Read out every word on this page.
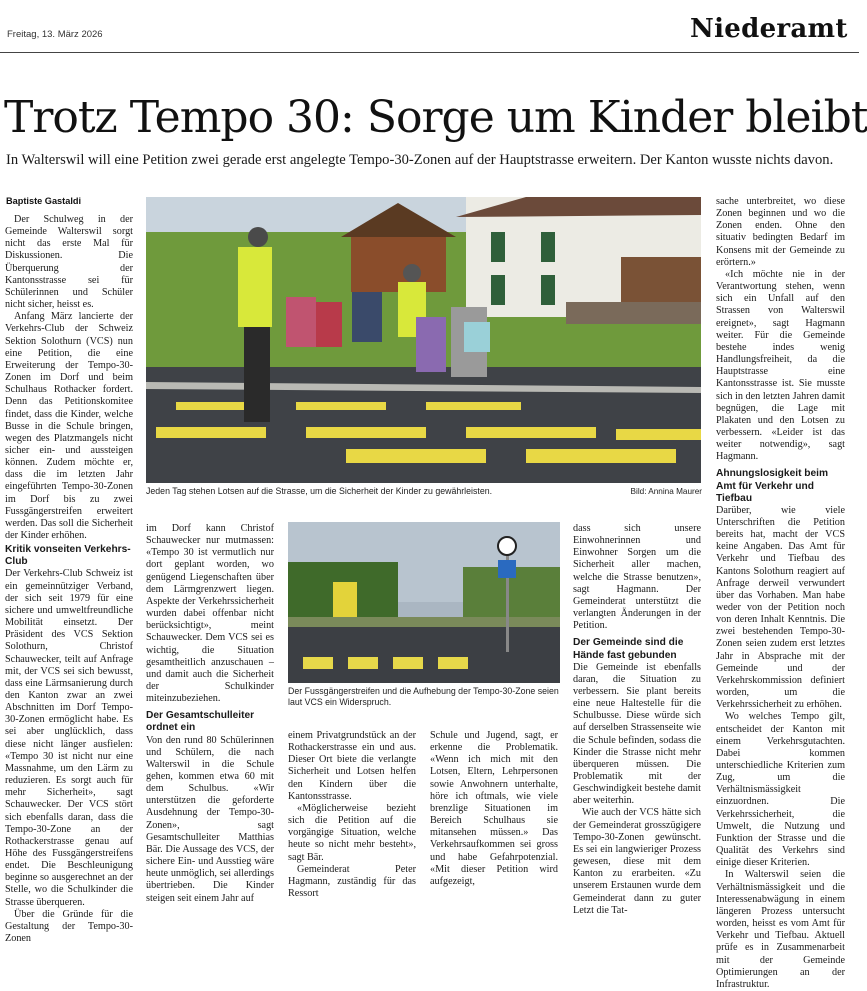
Freitag, 13. März 2026	Niederamt
Trotz Tempo 30: Sorge um Kinder bleibt
In Walterswil will eine Petition zwei gerade erst angelegte Tempo-30-Zonen auf der Hauptstrasse erweitern. Der Kanton wusste nichts davon.
Baptiste Gastaldi
Jeden Tag stehen Lotsen auf die Strasse, um die Sicherheit der Kinder zu gewährleisten.	Bild: Annina Maurer
Der Fussgängerstreifen und die Aufhebung der Tempo-30-Zone seien laut VCS ein Widerspruch.

Der Schulweg in der Gemeinde Walterswil sorgt nicht das erste Mal für Diskussionen. Die Überquerung der Kantonsstrasse sei für Schülerinnen und Schüler nicht sicher, heisst es.

Anfang März lancierte der Verkehrs-Club der Schweiz Sektion Solothurn (VCS) nun eine Petition, die eine Erweiterung der Tempo-30-Zonen im Dorf und beim Schulhaus Rothacker fordert. Denn das Petitionskomitee findet, dass die Kinder, welche Busse in die Schule bringen, wegen des Platzmangels nicht sicher ein- und aussteigen können. Zudem möchte er, dass die im letzten Jahr eingeführten Tempo-30-Zonen im Dorf bis zu zwei Fussgängerstreifen erweitert werden. Das soll die Sicherheit der Kinder erhöhen.

Kritik vonseiten Verkehrs-Club

Der Verkehrs-Club Schweiz ist ein gemeinnütziger Verband, der sich seit 1979 für eine sichere und umweltfreundliche Mobilität einsetzt. Der Präsident des VCS Sektion Solothurn, Christof Schauwecker, teilt auf Anfrage mit, der VCS sei sich bewusst, dass eine Lärmsanierung durch den Kanton zwar an zwei Abschnitten im Dorf Tempo-30-Zonen ermöglicht habe. Es sei aber unglücklich, dass diese nicht länger ausfielen: «Tempo 30 ist nicht nur eine Massnahme, um den Lärm zu reduzieren. Es sorgt auch für mehr Sicherheit», sagt Schauwecker. Der VCS stört sich ebenfalls daran, dass die Tempo-30-Zone an der Rothackerstrasse genau auf Höhe des Fussgängerstreifens endet. Die Beschleunigung beginne so ausgerechnet an der Stelle, wo die Schulkinder die Strasse überqueren.

Über die Gründe für die Gestaltung der Tempo-30-Zonen

im Dorf kann Christof Schauwecker nur mutmassen: «Tempo 30 ist vermutlich nur dort geplant worden, wo genügend Liegenschaften über dem Lärmgrenzwert liegen. Aspekte der Verkehrssicherheit wurden dabei offenbar nicht berücksichtigt», meint Schauwecker. Dem VCS sei es wichtig, die Situation gesamtheitlich anzuschauen – und damit auch die Sicherheit der Schulkinder miteinzubeziehen.

Der Gesamtschulleiter ordnet ein

Von den rund 80 Schülerinnen und Schülern, die nach Walterswil in die Schule gehen, kommen etwa 60 mit dem Schulbus. «Wir unterstützen die geforderte Ausdehnung der Tempo-30-Zonen», sagt Gesamtschulleiter Matthias Bär. Die Aussage des VCS, der sichere Ein- und Ausstieg wäre heute unmöglich, sei allerdings übertrieben. Die Kinder steigen seit einem Jahr auf

einem Privatgrundstück an der Rothackerstrasse ein und aus. Dieser Ort biete die verlangte Sicherheit und Lotsen helfen den Kindern über die Kantonsstrasse.

«Möglicherweise bezieht sich die Petition auf die vorgängige Situation, welche heute so nicht mehr besteht», sagt Bär.

Gemeinderat Peter Hagmann, zuständig für das Ressort

Schule und Jugend, sagt, er erkenne die Problematik. «Wenn ich mich mit den Lotsen, Eltern, Lehrpersonen sowie Anwohnern unterhalte, höre ich oftmals, wie viele brenzlige Situationen im Bereich Schulhaus sie mitansehen müssen.» Das Verkehrsaufkommen sei gross und habe Gefahrpotenzial. «Mit dieser Petition wird aufgezeigt,

dass sich unsere Einwohnerinnen und Einwohner Sorgen um die Sicherheit aller machen, welche die Strasse benutzen», sagt Hagmann. Der Gemeinderat unterstützt die verlangten Änderungen in der Petition.

Der Gemeinde sind die Hände fast gebunden

Die Gemeinde ist ebenfalls daran, die Situation zu verbessern. Sie plant bereits eine neue Haltestelle für die Schulbusse. Diese würde sich auf derselben Strassenseite wie die Schule befinden, sodass die Kinder die Strasse nicht mehr überqueren müssen. Die Problematik mit der Geschwindigkeit bestehe damit aber weiterhin.

Wie auch der VCS hätte sich der Gemeinderat grosszügigere Tempo-30-Zonen gewünscht. Es sei ein langwieriger Prozess gewesen, diese mit dem Kanton zu erarbeiten. «Zu unserem Erstaunen wurde dem Gemeinderat dann zu guter Letzt die Tat-

sache unterbreitet, wo diese Zonen beginnen und wo die Zonen enden. Ohne den situativ bedingten Bedarf im Konsens mit der Gemeinde zu erörtern.»

«Ich möchte nie in der Verantwortung stehen, wenn sich ein Unfall auf den Strassen von Walterswil ereignet», sagt Hagmann weiter. Für die Gemeinde bestehe indes wenig Handlungsfreiheit, da die Hauptstrasse eine Kantonsstrasse ist. Sie musste sich in den letzten Jahren damit begnügen, die Lage mit Plakaten und den Lotsen zu verbessern. «Leider ist das weiter notwendig», sagt Hagmann.

Ahnungslosigkeit beim Amt für Verkehr und Tiefbau

Darüber, wie viele Unterschriften die Petition bereits hat, macht der VCS keine Angaben. Das Amt für Verkehr und Tiefbau des Kantons Solothurn reagiert auf Anfrage derweil verwundert über das Vorhaben. Man habe weder von der Petition noch von deren Inhalt Kenntnis. Die zwei bestehenden Tempo-30-Zonen seien zudem erst letztes Jahr in Absprache mit der Gemeinde und der Verkehrskommission definiert worden, um die Verkehrssicherheit zu erhöhen.

Wo welches Tempo gilt, entscheidet der Kanton mit einem Verkehrsgutachten. Dabei kommen unterschiedliche Kriterien zum Zug, um die Verhältnismässigkeit einzuordnen. Die Verkehrssicherheit, die Umwelt, die Nutzung und Funktion der Strasse und die Qualität des Verkehrs sind einige dieser Kriterien.

In Walterswil seien die Verhältnismässigkeit und die Interessenabwägung in einem längeren Prozess untersucht worden, heisst es vom Amt für Verkehr und Tiefbau. Aktuell prüfe es in Zusammenarbeit mit der Gemeinde Optimierungen an der Infrastruktur.
